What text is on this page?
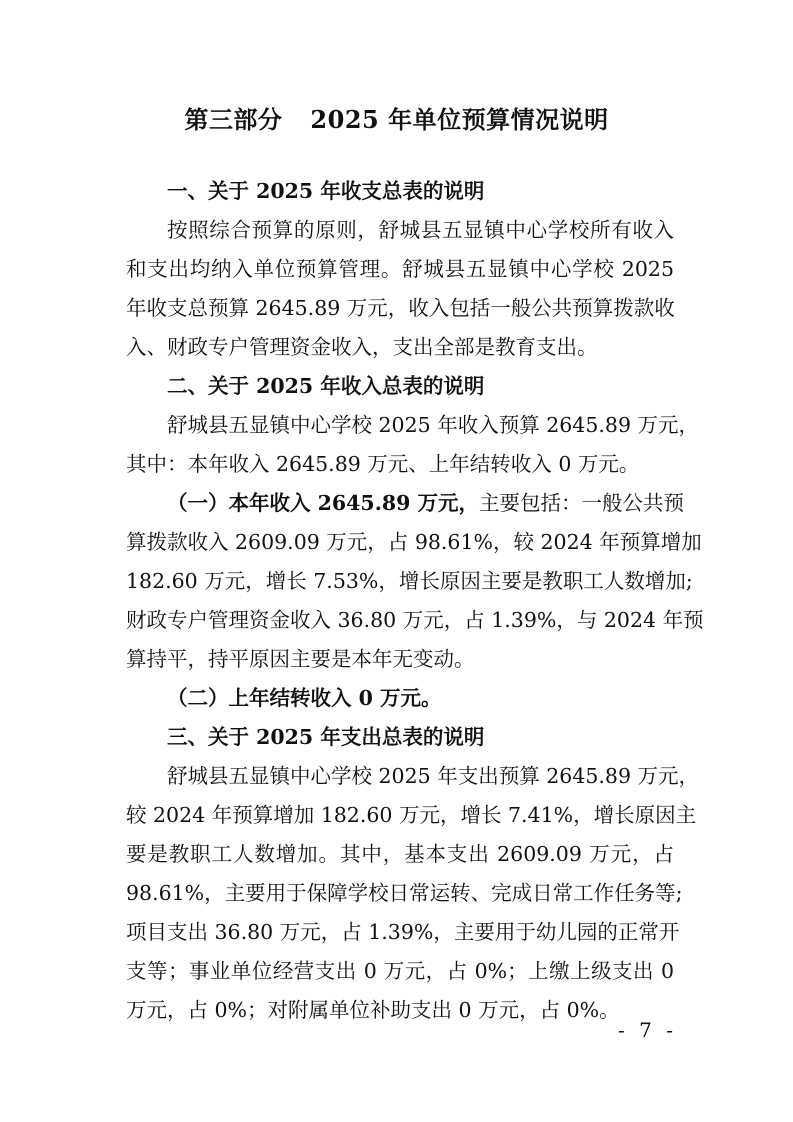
第三部分 2025 年单位预算情况说明

一、关于 2025 年收支总表的说明

按照综合预算的原则，舒城县五显镇中心学校所有收入
和支出均纳入单位预算管理。舒城县五显镇中心学校 2025
年收支总预算 2645.89 万元，收入包括一般公共预算拨款收
入、财政专户管理资金收入，支出全部是教育支出。

二、关于 2025 年收入总表的说明

舒城县五显镇中心学校 2025 年收入预算 2645.89 万元，
其中：本年收入 2645.89 万元、上年结转收入 0 万元。
（一）本年收入 2645.89 万元，主要包括：一般公共预
算拨款收入 2609.09 万元，占 98.61%，较 2024 年预算增加
182.60 万元，增长 7.53%，增长原因主要是教职工人数增加;
财政专户管理资金收入 36.80 万元，占 1.39%，与 2024 年预
算持平，持平原因主要是本年无变动。

（二）上年结转收入 0 万元。

三、关于 2025 年支出总表的说明

舒城县五显镇中心学校 2025 年支出预算 2645.89 万元，
较 2024 年预算增加 182.60 万元，增长 7.41%，增长原因主
要是教职工人数增加。其中，基本支出 2609.09 万元，占
98.61%，主要用于保障学校日常运转、完成日常工作任务等;
项目支出 36.80 万元，占 1.39%，主要用于幼儿园的正常开
支等；事业单位经营支出 0 万元，占 0%；上缴上级支出 0
万元，占 0%；对附属单位补助支出 0 万元，占 0%。
- 7 -
